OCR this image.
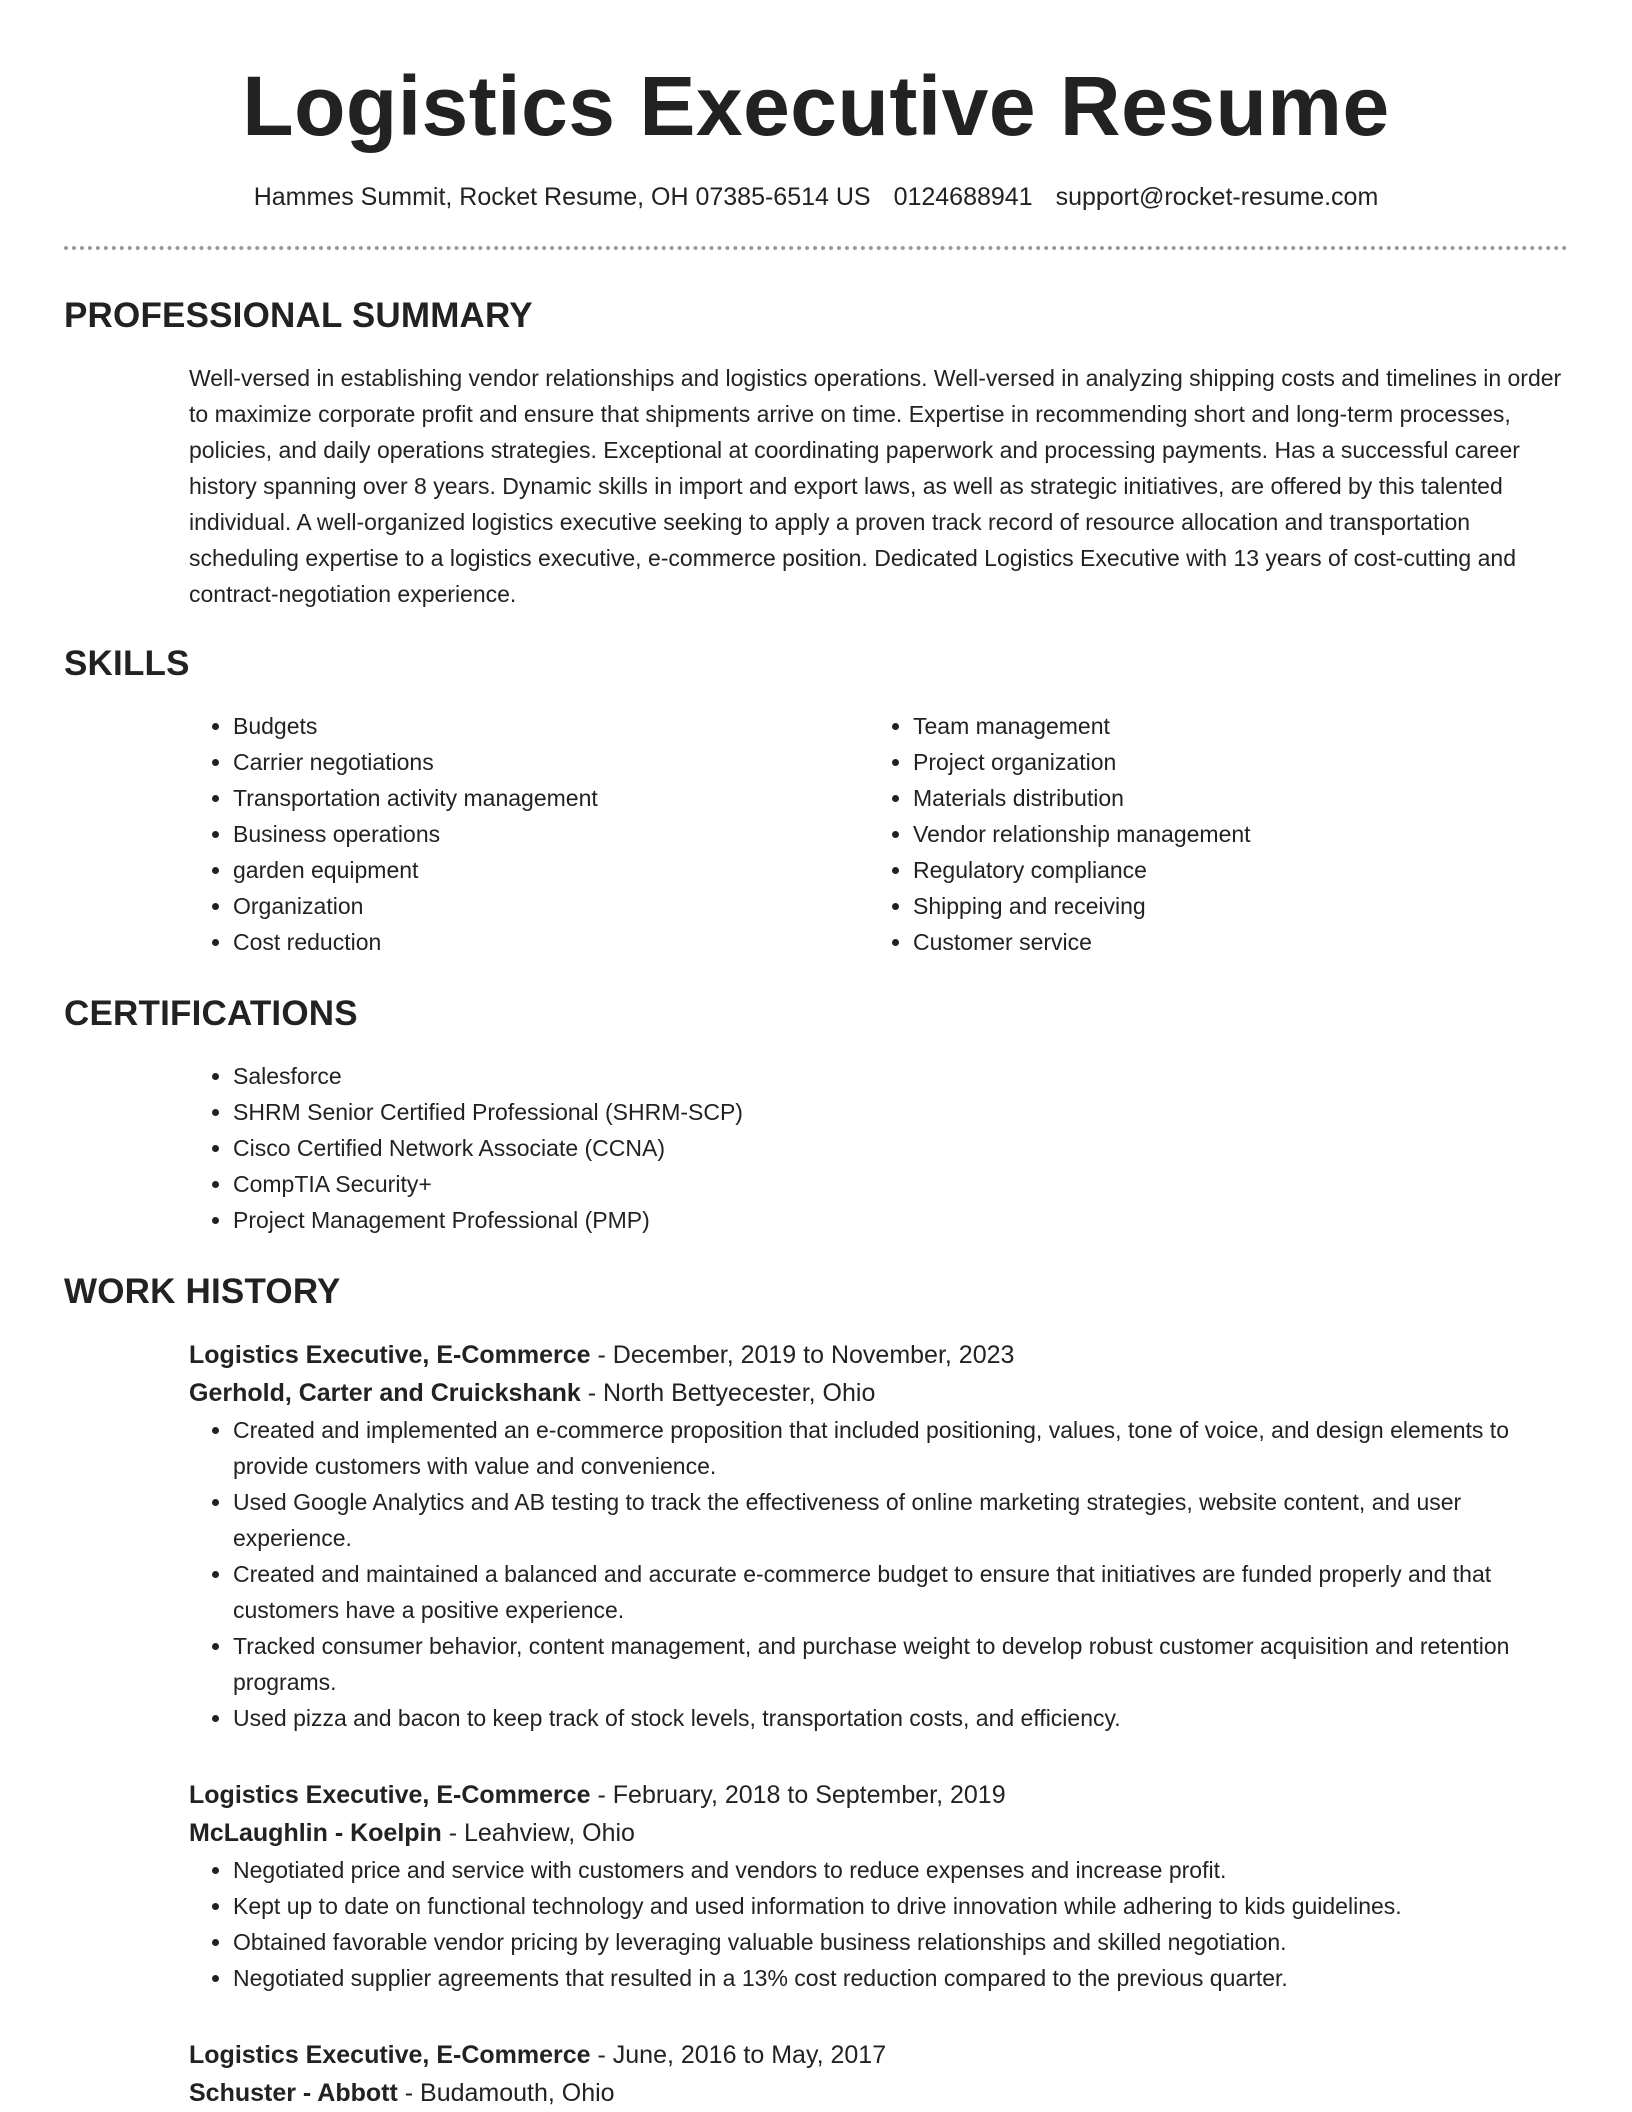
Logistics Executive Resume
Hammes Summit, Rocket Resume, OH 07385-6514 US 0124688941 support@rocket-resume.com
PROFESSIONAL SUMMARY
Well-versed in establishing vendor relationships and logistics operations. Well-versed in analyzing shipping costs and timelines in order to maximize corporate profit and ensure that shipments arrive on time. Expertise in recommending short and long-term processes, policies, and daily operations strategies. Exceptional at coordinating paperwork and processing payments. Has a successful career history spanning over 8 years. Dynamic skills in import and export laws, as well as strategic initiatives, are offered by this talented individual. A well-organized logistics executive seeking to apply a proven track record of resource allocation and transportation scheduling expertise to a logistics executive, e-commerce position. Dedicated Logistics Executive with 13 years of cost-cutting and contract-negotiation experience.
SKILLS
• Budgets
• Carrier negotiations
• Transportation activity management
• Business operations
• garden equipment
• Organization
• Cost reduction
• Team management
• Project organization
• Materials distribution
• Vendor relationship management
• Regulatory compliance
• Shipping and receiving
• Customer service
CERTIFICATIONS
• Salesforce
• SHRM Senior Certified Professional (SHRM-SCP)
• Cisco Certified Network Associate (CCNA)
• CompTIA Security+
• Project Management Professional (PMP)
WORK HISTORY
Logistics Executive, E-Commerce - December, 2019 to November, 2023
Gerhold, Carter and Cruickshank - North Bettyecester, Ohio
• Created and implemented an e-commerce proposition that included positioning, values, tone of voice, and design elements to provide customers with value and convenience.
• Used Google Analytics and AB testing to track the effectiveness of online marketing strategies, website content, and user experience.
• Created and maintained a balanced and accurate e-commerce budget to ensure that initiatives are funded properly and that customers have a positive experience.
• Tracked consumer behavior, content management, and purchase weight to develop robust customer acquisition and retention programs.
• Used pizza and bacon to keep track of stock levels, transportation costs, and efficiency.
Logistics Executive, E-Commerce - February, 2018 to September, 2019
McLaughlin - Koelpin - Leahview, Ohio
• Negotiated price and service with customers and vendors to reduce expenses and increase profit.
• Kept up to date on functional technology and used information to drive innovation while adhering to kids guidelines.
• Obtained favorable vendor pricing by leveraging valuable business relationships and skilled negotiation.
• Negotiated supplier agreements that resulted in a 13% cost reduction compared to the previous quarter.
Logistics Executive, E-Commerce - June, 2016 to May, 2017
Schuster - Abbott - Budamouth, Ohio
